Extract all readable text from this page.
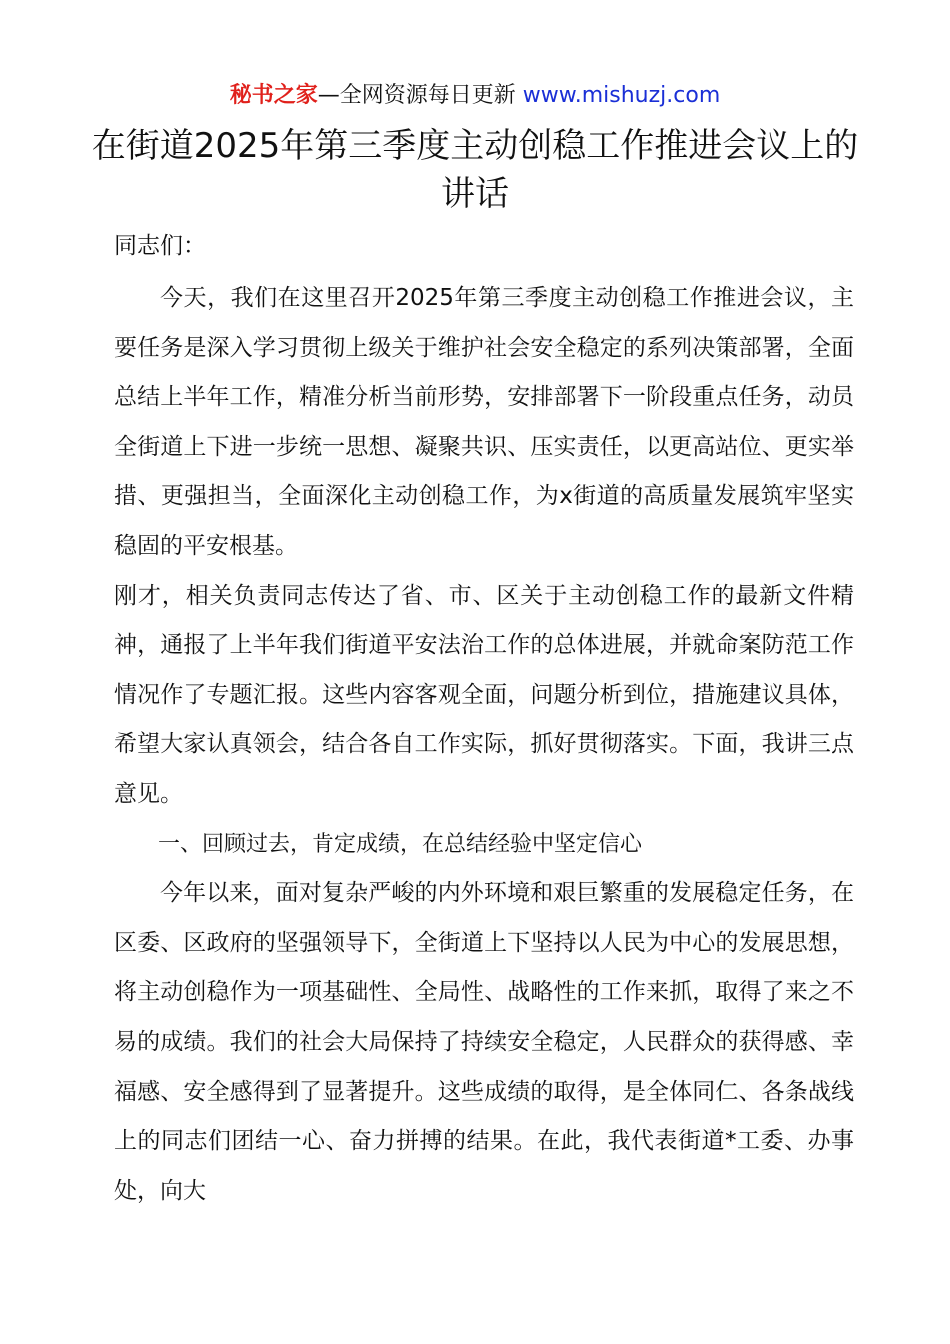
秘书之家—全网资源每日更新 www.mishuzj.com
在街道2025年第三季度主动创稳工作推进会议上的讲话
同志们：

今天，我们在这里召开2025年第三季度主动创稳工作推进会议，主要任务是深入学习贯彻上级关于维护社会安全稳定的系列决策部署，全面总结上半年工作，精准分析当前形势，安排部署下一阶段重点任务，动员全街道上下进一步统一思想、凝聚共识、压实责任，以更高站位、更实举措、更强担当，全面深化主动创稳工作，为x街道的高质量发展筑牢坚实稳固的平安根基。

刚才，相关负责同志传达了省、市、区关于主动创稳工作的最新文件精神，通报了上半年我们街道平安法治工作的总体进展，并就命案防范工作情况作了专题汇报。这些内容客观全面，问题分析到位，措施建议具体，希望大家认真领会，结合各自工作实际，抓好贯彻落实。下面，我讲三点意见。

一、回顾过去，肯定成绩，在总结经验中坚定信心

今年以来，面对复杂严峻的内外环境和艰巨繁重的发展稳定任务，在区委、区政府的坚强领导下，全街道上下坚持以人民为中心的发展思想，将主动创稳作为一项基础性、全局性、战略性的工作来抓，取得了来之不易的成绩。我们的社会大局保持了持续安全稳定，人民群众的获得感、幸福感、安全感得到了显著提升。这些成绩的取得，是全体同仁、各条战线上的同志们团结一心、奋力拼搏的结果。在此，我代表街道*工委、办事处，向大
